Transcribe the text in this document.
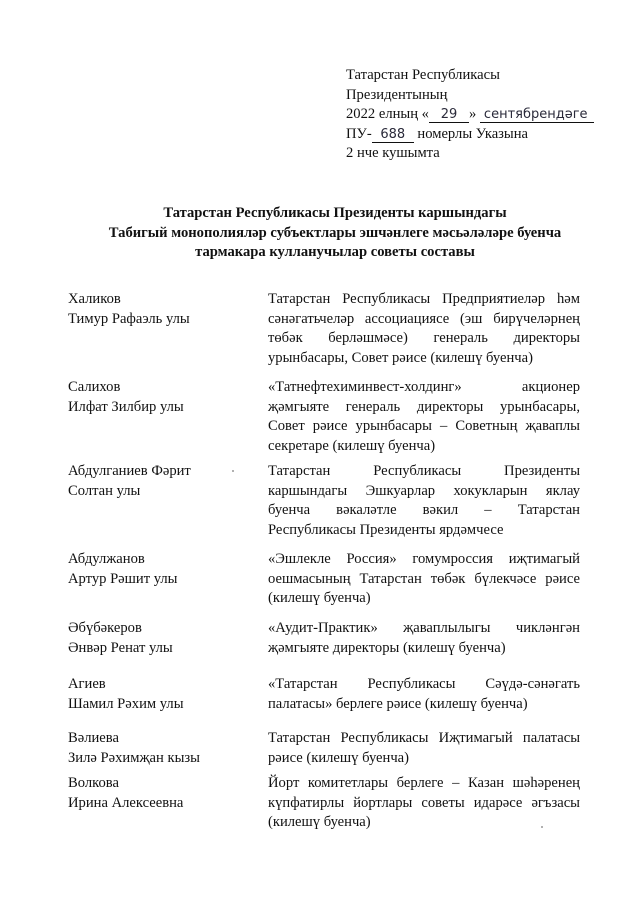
Татарстан Республикасы
Президентының
2022 елның « 29 » сентябрендәге
ПУ- 688 номерлы Указына
2 нче кушымта
Татарстан Республикасы Президенты каршындагы
Табигый монополияләр субъектлары эшчәнлеге мәсьәләләре буенча
тармакара кулланучылар советы составы
Халиков
Тимур Рафаэль улы
Татарстан Республикасы Предприятиеләр һәм
сәнәгатьчеләр ассоциациясе (эш бирүчеләрнең
төбәк берләшмәсе) генераль директоры
урынбасары, Совет рәисе (килешү буенча)
Салихов
Илфат Зилбир улы
«Татнефтехиминвест-холдинг» акционер
җәмгыяте генераль директоры урынбасары,
Совет рәисе урынбасары – Советның җаваплы
секретаре (килешү буенча)
Абдулганиев Фәрит
Солтан улы
Татарстан Республикасы Президенты
каршындагы Эшкуарлар хокукларын яклау
буенча вәкаләтле вәкил – Татарстан
Республикасы Президенты ярдәмчесе
Абдулжанов
Артур Рәшит улы
«Эшлекле Россия» гомумроссия иҗтимагый
оешмасының Татарстан төбәк бүлекчәсе рәисе
(килешү буенча)
Әбүбәкеров
Әнвәр Ренат улы
«Аудит-Практик» җаваплылыгы чикләнгән
җәмгыяте директоры (килешү буенча)
Агиев
Шамил Рәхим улы
«Татарстан Республикасы Сәүдә-сәнәгать
палатасы» берлеге рәисе (килешү буенча)
Вәлиева
Зилә Рәхимҗан кызы
Татарстан Республикасы Иҗтимагый палатасы
рәисе (килешү буенча)
Волкова
Ирина Алексеевна
Йорт комитетлары берлеге – Казан шәһәренең
күпфатирлы йортлары советы идарәсе әгъзасы
(килешү буенча)
